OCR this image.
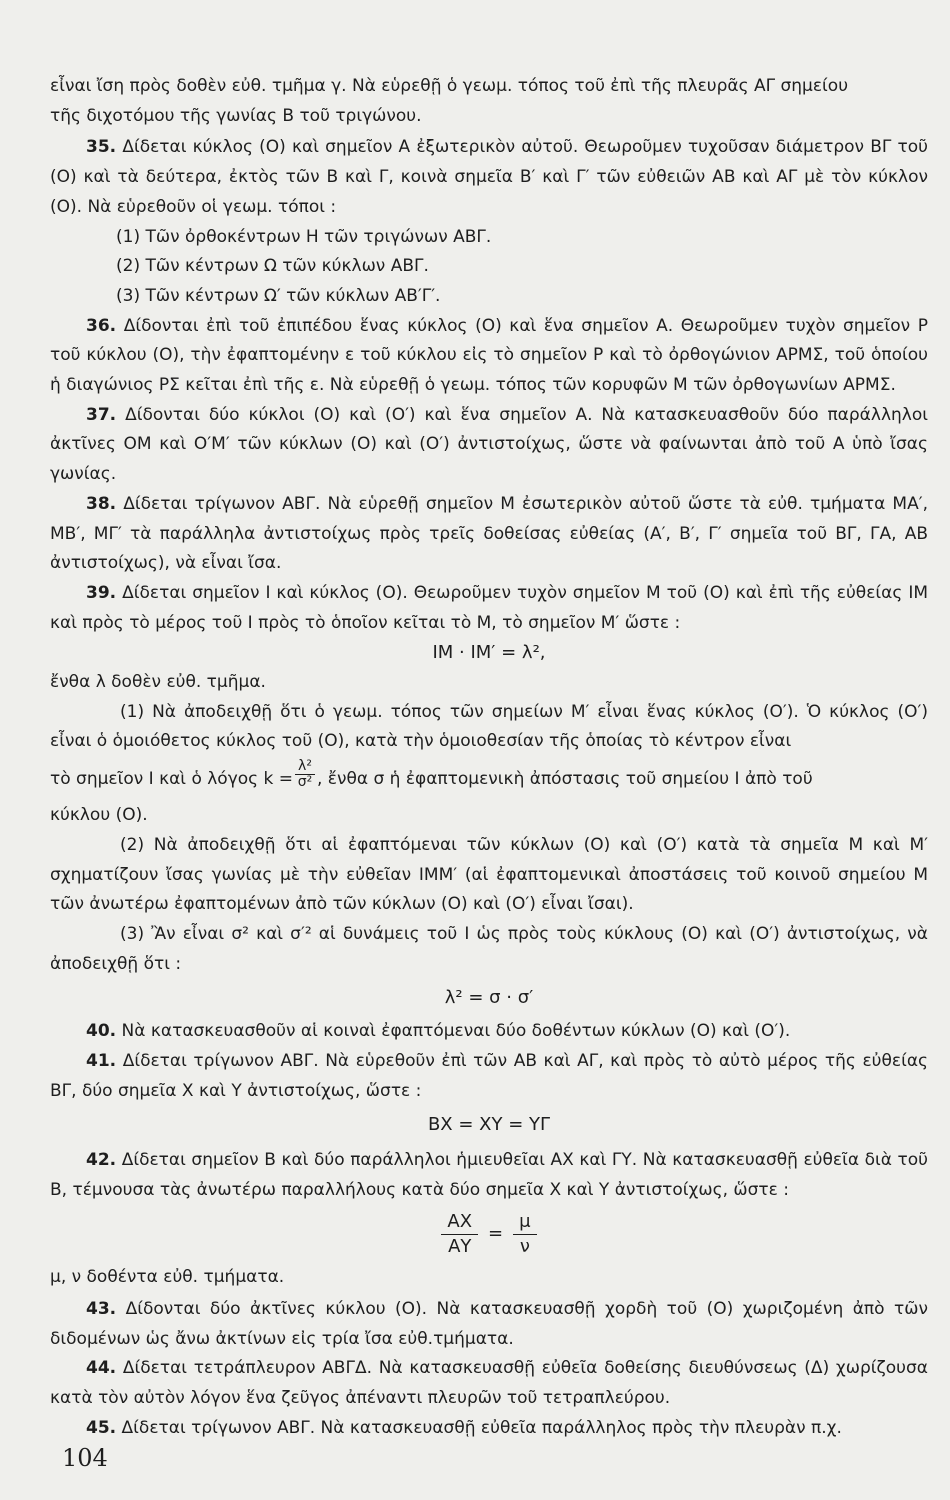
εἶναι ἴση πρὸς δοθὲν εὐθ. τμῆμα γ. Νὰ εὑρεθῇ ὁ γεωμ. τόπος τοῦ ἐπὶ τῆς πλευρᾶς ΑΓ σημείου

τῆς διχοτόμου τῆς γωνίας Β τοῦ τριγώνου.

35. Δίδεται κύκλος (Ο) καὶ σημεῖον Α ἐξωτερικὸν αὐτοῦ. Θεωροῦμεν τυχοῦσαν διάμετρον ΒΓ τοῦ (Ο) καὶ τὰ δεύτερα, ἐκτὸς τῶν Β καὶ Γ, κοινὰ σημεῖα Β′ καὶ Γ′ τῶν εὐθειῶν ΑΒ καὶ ΑΓ μὲ τὸν κύκλον (Ο). Νὰ εὑρεθοῦν οἱ γεωμ. τόποι :

(1) Τῶν ὀρθοκέντρων Η τῶν τριγώνων ΑΒΓ.

(2) Τῶν κέντρων Ω τῶν κύκλων ΑΒΓ.

(3) Τῶν κέντρων Ω′ τῶν κύκλων ΑΒ′Γ′.

36. Δίδονται ἐπὶ τοῦ ἐπιπέδου ἕνας κύκλος (Ο) καὶ ἕνα σημεῖον Α. Θεωροῦμεν τυχὸν σημεῖον Ρ τοῦ κύκλου (Ο), τὴν ἐφαπτομένην ε τοῦ κύκλου εἰς τὸ σημεῖον Ρ καὶ τὸ ὀρθογώνιον ΑΡΜΣ, τοῦ ὁποίου ἡ διαγώνιος ΡΣ κεῖται ἐπὶ τῆς ε. Νὰ εὑρεθῇ ὁ γεωμ. τόπος τῶν κορυφῶν Μ τῶν ὀρθογωνίων ΑΡΜΣ.

37. Δίδονται δύο κύκλοι (Ο) καὶ (Ο′) καὶ ἕνα σημεῖον Α. Νὰ κατασκευασθοῦν δύο παράλληλοι ἀκτῖνες ΟΜ καὶ Ο′Μ′ τῶν κύκλων (Ο) καὶ (Ο′) ἀντιστοίχως, ὥστε νὰ φαίνωνται ἀπὸ τοῦ Α ὑπὸ ἴσας γωνίας.

38. Δίδεται τρίγωνον ΑΒΓ. Νὰ εὑρεθῇ σημεῖον Μ ἐσωτερικὸν αὐτοῦ ὥστε τὰ εὐθ. τμήματα ΜΑ′, ΜΒ′, ΜΓ′ τὰ παράλληλα ἀντιστοίχως πρὸς τρεῖς δοθείσας εὐθείας (Α′, Β′, Γ′ σημεῖα τοῦ ΒΓ, ΓΑ, ΑΒ ἀντιστοίχως), νὰ εἶναι ἴσα.

39. Δίδεται σημεῖον Ι καὶ κύκλος (Ο). Θεωροῦμεν τυχὸν σημεῖον Μ τοῦ (Ο) καὶ ἐπὶ τῆς εὐθείας ΙΜ καὶ πρὸς τὸ μέρος τοῦ Ι πρὸς τὸ ὁποῖον κεῖται τὸ Μ, τὸ σημεῖον Μ′ ὥστε :

ΙΜ · ΙΜ′ = λ²,

ἔνθα λ δοθὲν εὐθ. τμῆμα.

(1) Νὰ ἀποδειχθῇ ὅτι ὁ γεωμ. τόπος τῶν σημείων Μ′ εἶναι ἕνας κύκλος (Ο′). Ὁ κύκλος (Ο′) εἶναι ὁ ὁμοιόθετος κύκλος τοῦ (Ο), κατὰ τὴν ὁμοιοθεσίαν τῆς ὁποίας τὸ κέντρον εἶναι

τὸ σημεῖον Ι καὶ ὁ λόγος $k = \frac{\text{λ²}}{\text{σ²}}$ , ἔνθα σ ἡ ἐφαπτομενικὴ ἀπόστασις τοῦ σημείου Ι ἀπὸ τοῦ

κύκλου (Ο).

(2) Νὰ ἀποδειχθῇ ὅτι αἱ ἐφαπτόμεναι τῶν κύκλων (Ο) καὶ (Ο′) κατὰ τὰ σημεῖα Μ καὶ Μ′ σχηματίζουν ἴσας γωνίας μὲ τὴν εὐθεῖαν ΙΜΜ′ (αἱ ἐφαπτομενικαὶ ἀποστάσεις τοῦ κοινοῦ σημείου Μ τῶν ἀνωτέρω ἐφαπτομένων ἀπὸ τῶν κύκλων (Ο) καὶ (Ο′) εἶναι ἴσαι).

(3) Ἂν εἶναι σ² καὶ σ′² αἱ δυνάμεις τοῦ Ι ὡς πρὸς τοὺς κύκλους (Ο) καὶ (Ο′) ἀντιστοίχως, νὰ ἀποδειχθῇ ὅτι :

λ² = σ · σ′

40. Νὰ κατασκευασθοῦν αἱ κοιναὶ ἐφαπτόμεναι δύο δοθέντων κύκλων (Ο) καὶ (Ο′).

41. Δίδεται τρίγωνον ΑΒΓ. Νὰ εὑρεθοῦν ἐπὶ τῶν ΑΒ καὶ ΑΓ, καὶ πρὸς τὸ αὐτὸ μέρος τῆς εὐθείας ΒΓ, δύο σημεῖα Χ καὶ Υ ἀντιστοίχως, ὥστε :

ΒΧ = ΧΥ = ΥΓ

42. Δίδεται σημεῖον Β καὶ δύο παράλληλοι ἡμιευθεῖαι ΑΧ καὶ ΓΥ. Νὰ κατασκευασθῇ εὐθεῖα διὰ τοῦ Β, τέμνουσα τὰς ἀνωτέρω παραλλήλους κατὰ δύο σημεῖα Χ καὶ Υ ἀντιστοίχως, ὥστε :

$\frac{AX}{A\Upsilon} = \frac{\mu}{\nu}$

μ, ν δοθέντα εὐθ. τμήματα.

43. Δίδονται δύο ἀκτῖνες κύκλου (Ο). Νὰ κατασκευασθῇ χορδὴ τοῦ (Ο) χωριζομένη ἀπὸ τῶν διδομένων ὡς ἄνω ἀκτίνων εἰς τρία ἴσα εὐθ.τμήματα.

44. Δίδεται τετράπλευρον ΑΒΓΔ. Νὰ κατασκευασθῇ εὐθεῖα δοθείσης διευθύνσεως (Δ) χωρίζουσα κατὰ τὸν αὐτὸν λόγον ἕνα ζεῦγος ἀπέναντι πλευρῶν τοῦ τετραπλεύρου.

45. Δίδεται τρίγωνον ΑΒΓ. Νὰ κατασκευασθῇ εὐθεῖα παράλληλος πρὸς τὴν πλευρὰν π.χ.

104
